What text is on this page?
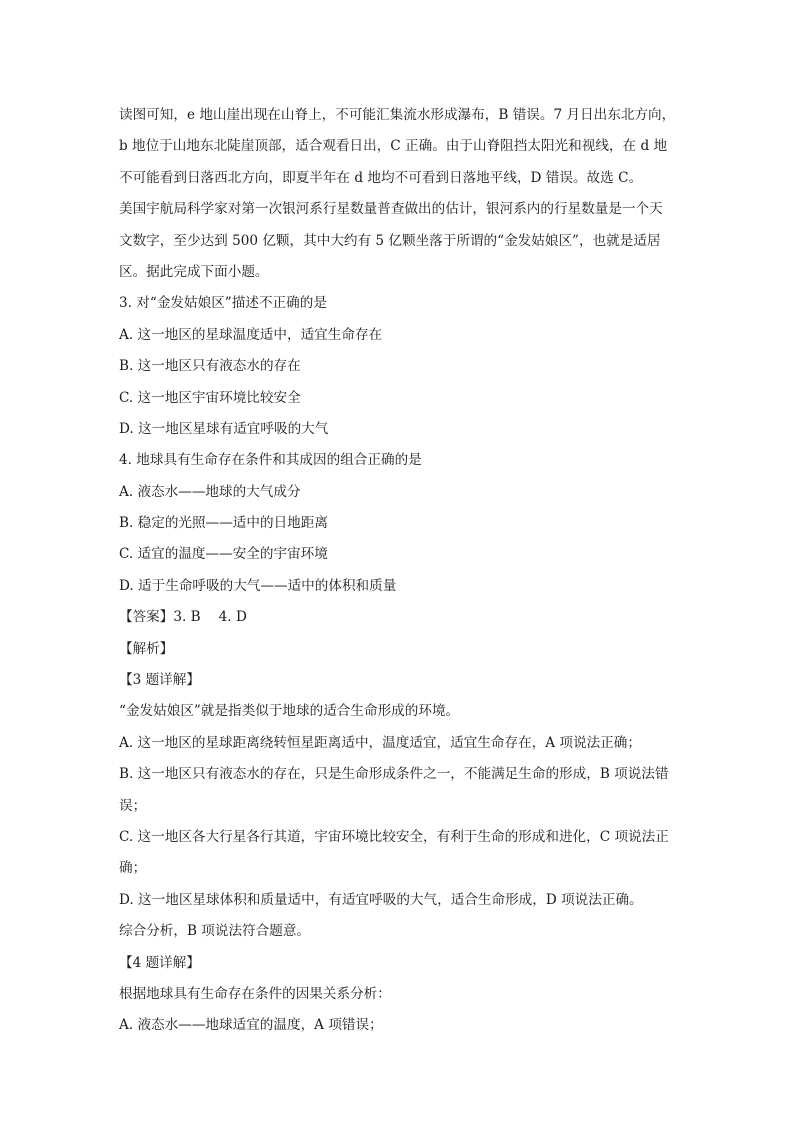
读图可知，e 地山崖出现在山脊上，不可能汇集流水形成瀑布，B 错误。7 月日出东北方向，
b 地位于山地东北陡崖顶部，适合观看日出，C 正确。由于山脊阻挡太阳光和视线，在 d 地
不可能看到日落西北方向，即夏半年在 d 地均不可看到日落地平线，D 错误。故选 C。
美国宇航局科学家对第一次银河系行星数量普查做出的估计，银河系内的行星数量是一个天
文数字，至少达到 500 亿颗，其中大约有 5 亿颗坐落于所谓的“金发姑娘区”，也就是适居
区。据此完成下面小题。
3. 对“金发姑娘区”描述不正确的是
A. 这一地区的星球温度适中，适宜生命存在
B. 这一地区只有液态水的存在
C. 这一地区宇宙环境比较安全
D. 这一地区星球有适宜呼吸的大气
4. 地球具有生命存在条件和其成因的组合正确的是
A. 液态水——地球的大气成分
B. 稳定的光照——适中的日地距离
C. 适宜的温度——安全的宇宙环境
D. 适于生命呼吸的大气——适中的体积和质量
【答案】3. B 4. D
【解析】
【3 题详解】
“金发姑娘区”就是指类似于地球的适合生命形成的环境。
A. 这一地区的星球距离绕转恒星距离适中，温度适宜，适宜生命存在，A 项说法正确；
B. 这一地区只有液态水的存在，只是生命形成条件之一，不能满足生命的形成，B 项说法错
误；
C. 这一地区各大行星各行其道，宇宙环境比较安全，有利于生命的形成和进化，C 项说法正
确；
D. 这一地区星球体积和质量适中，有适宜呼吸的大气，适合生命形成，D 项说法正确。
综合分析，B 项说法符合题意。
【4 题详解】
根据地球具有生命存在条件的因果关系分析：
A. 液态水——地球适宜的温度，A 项错误；
